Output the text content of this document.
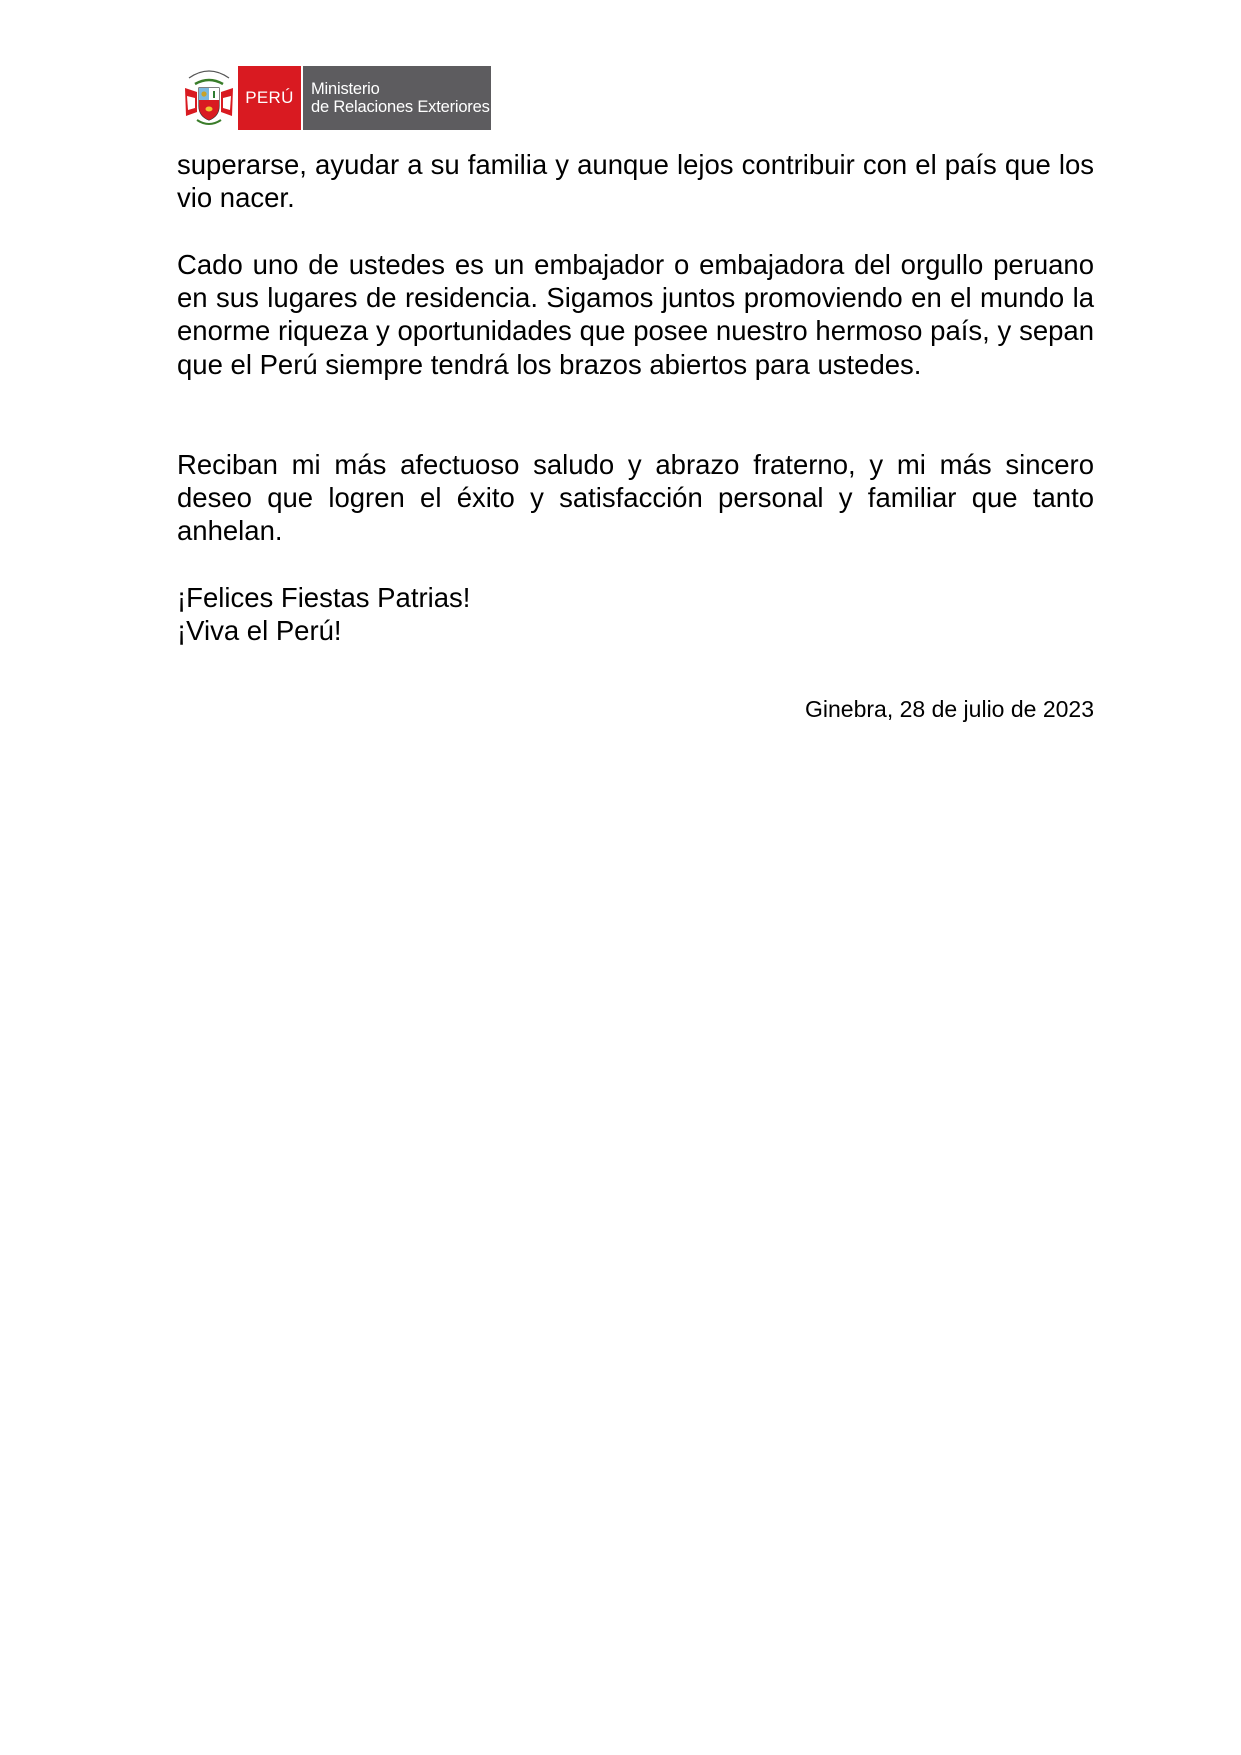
PERÚ	Ministerio
de Relaciones Exteriores

superarse, ayudar a su familia y aunque lejos contribuir con el país que los vio nacer.

Cado uno de ustedes es un embajador o embajadora del orgullo peruano en sus lugares de residencia. Sigamos juntos promoviendo en el mundo la enorme riqueza y oportunidades que posee nuestro hermoso país, y sepan que el Perú siempre tendrá los brazos abiertos para ustedes.

Reciban mi más afectuoso saludo y abrazo fraterno, y mi más sincero deseo que logren el éxito y satisfacción personal y familiar que tanto anhelan.

¡Felices Fiestas Patrias!
¡Viva el Perú!
Ginebra, 28 de julio de 2023
